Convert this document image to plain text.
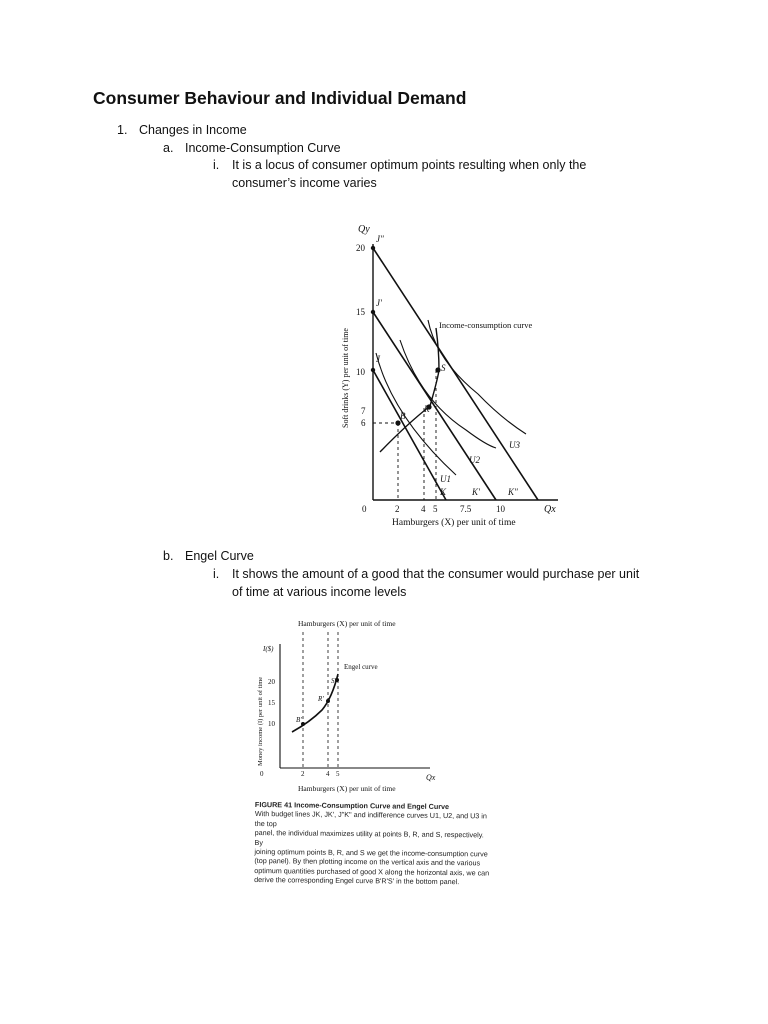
Consumer Behaviour and Individual Demand
1. Changes in Income
a. Income-Consumption Curve
i. It is a locus of consumer optimum points resulting when only the
consumer’s income varies
Qy
20
15
10
7
6
J"
J'
J
0	2 4 5	7.5	10	Qx
K	K'	K"
B
R
S
U1
U2
U3
Income-consumption curve
Hamburgers (X) per unit of time
Soft drinks (Y) per unit of time
b. Engel Curve
i. It shows the amount of a good that the consumer would purchase per unit
of time at various income levels
Hamburgers (X) per unit of time
I($)
20
15
10
0	2	4 5	Qx
B'
R'
S'
Engel curve
Hamburgers (X) per unit of time
Money income (I) per unit of time
FIGURE 41 Income-Consumption Curve and Engel Curve
With budget lines JK, JK', J"K" and indifference curves U1, U2, and U3 in the top
panel, the individual maximizes utility at points B, R, and S, respectively. By
joining optimum points B, R, and S we get the income-consumption curve
(top panel). By then plotting income on the vertical axis and the various
optimum quantities purchased of good X along the horizontal axis, we can
derive the corresponding Engel curve B'R'S' in the bottom panel.
